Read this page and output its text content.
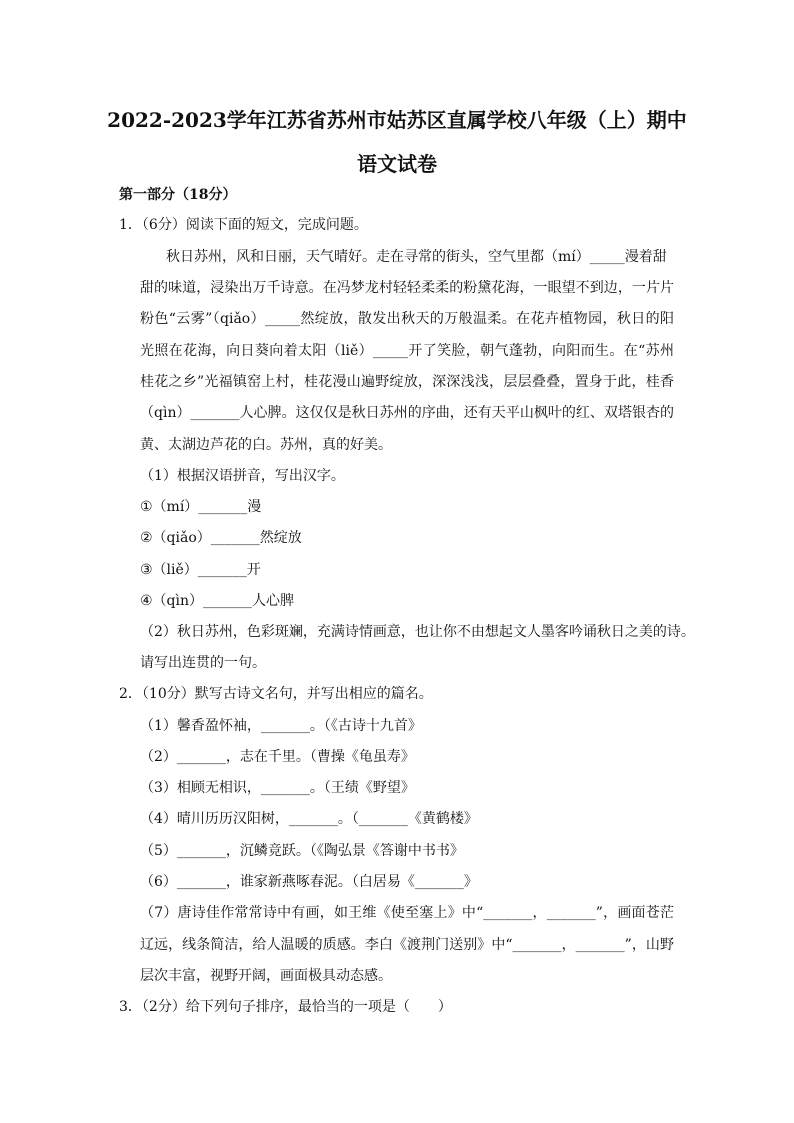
2022-2023学年江苏省苏州市姑苏区直属学校八年级（上）期中
语文试卷
第一部分（18分）
1．（6分）阅读下面的短文，完成问题。
秋日苏州，风和日丽，天气晴好。走在寻常的街头，空气里都（mí）_____漫着甜
甜的味道，浸染出万千诗意。在冯梦龙村轻轻柔柔的粉黛花海，一眼望不到边，一片片
粉色“云雾”（qiǎo）_____然绽放，散发出秋天的万般温柔。在花卉植物园，秋日的阳
光照在花海，向日葵向着太阳（liě）_____开了笑脸，朝气蓬勃，向阳而生。在“苏州
桂花之乡”光福镇窑上村，桂花漫山遍野绽放，深深浅浅，层层叠叠，置身于此，桂香
（qìn）_______人心脾。这仅仅是秋日苏州的序曲，还有天平山枫叶的红、双塔银杏的
黄、太湖边芦花的白。苏州，真的好美。
（1）根据汉语拼音，写出汉字。
①（mí）_______漫
②（qiǎo）_______然绽放
③（liě）_______开
④（qìn）_______人心脾
（2）秋日苏州，色彩斑斓，充满诗情画意，也让你不由想起文人墨客吟诵秋日之美的诗。
请写出连贯的一句。
2．（10分）默写古诗文名句，并写出相应的篇名。
（1）馨香盈怀袖，_______。（《古诗十九首》
（2）_______，志在千里。（曹操《龟虽寿》
（3）相顾无相识，_______。（王绩《野望》
（4）晴川历历汉阳树，_______。（_______《黄鹤楼》
（5）_______，沉鳞竞跃。（《陶弘景《答谢中书书》
（6）_______，谁家新燕啄春泥。（白居易《_______》
（7）唐诗佳作常常诗中有画，如王维《使至塞上》中“_______，_______”，画面苍茫
辽远，线条简洁，给人温暖的质感。李白《渡荆门送别》中“_______，_______”，山野
层次丰富，视野开阔，画面极具动态感。
3．（2分）给下列句子排序，最恰当的一项是（　　）
